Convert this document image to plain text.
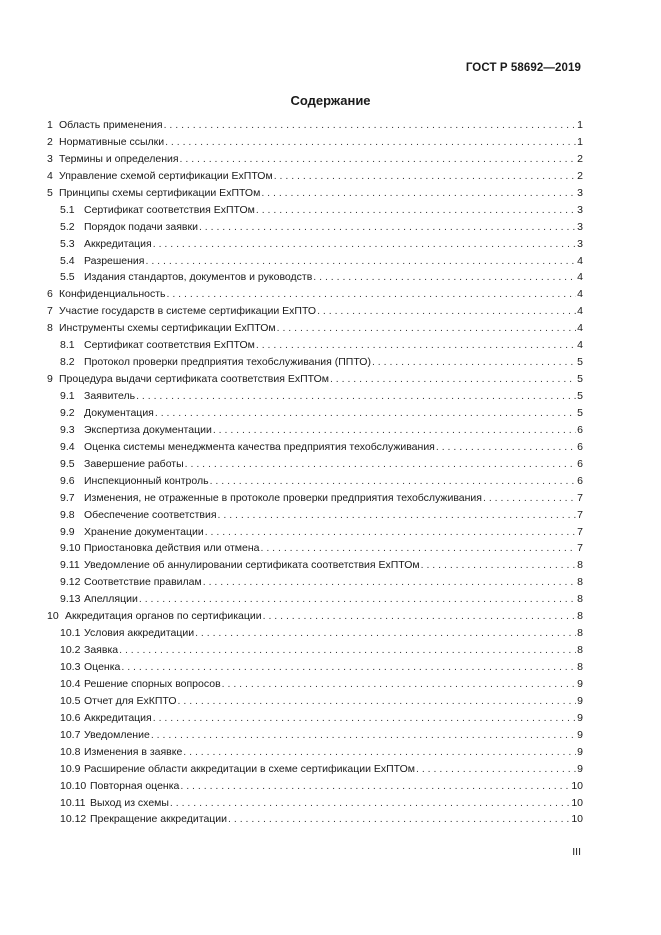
ГОСТ Р 58692—2019
Содержание
1 Область применения . . .	1
2 Нормативные ссылки . . .	1
3 Термины и определения . . .	2
4 Управление схемой сертификации ExПТОм . . .	2
5 Принципы схемы сертификации ExПТОм . . .	3
5.1 Сертификат соответствия ExПТОм . . .	3
5.2 Порядок подачи заявки . . .	3
5.3 Аккредитация . . .	3
5.4 Разрешения . . .	4
5.5 Издания стандартов, документов и руководств . . .	4
6 Конфиденциальность . . .	4
7 Участие государств в системе сертификации ExПТО . . .	4
8 Инструменты схемы сертификации ExПТОм . . .	4
8.1 Сертификат соответствия ExПТОм . . .	4
8.2 Протокол проверки предприятия техобслуживания (ППТО) . . .	5
9 Процедура выдачи сертификата соответствия ExПТОм . . .	5
9.1 Заявитель . . .	5
9.2 Документация . . .	5
9.3 Экспертиза документации . . .	6
9.4 Оценка системы менеджмента качества предприятия техобслуживания . . .	6
9.5 Завершение работы . . .	6
9.6 Инспекционный контроль . . .	6
9.7 Изменения, не отраженные в протоколе проверки предприятия техобслуживания . . .	7
9.8 Обеспечение соответствия . . .	7
9.9 Хранение документации . . .	7
9.10 Приостановка действия или отмена . . .	7
9.11 Уведомление об аннулировании сертификата соответствия ExПТОм . . .	8
9.12 Соответствие правилам . . .	8
9.13 Апелляции . . .	8
10 Аккредитация органов по сертификации . . .	8
10.1 Условия аккредитации . . .	8
10.2 Заявка . . .	8
10.3 Оценка . . .	8
10.4 Решение спорных вопросов . . .	9
10.5 Отчет для ExКПТО . . .	9
10.6 Аккредитация . . .	9
10.7 Уведомление . . .	9
10.8 Изменения в заявке . . .	9
10.9 Расширение области аккредитации в схеме сертификации ExПТОм . . .	9
10.10 Повторная оценка . . .	10
10.11 Выход из схемы . . .	10
10.12 Прекращение аккредитации . . .	10
III
